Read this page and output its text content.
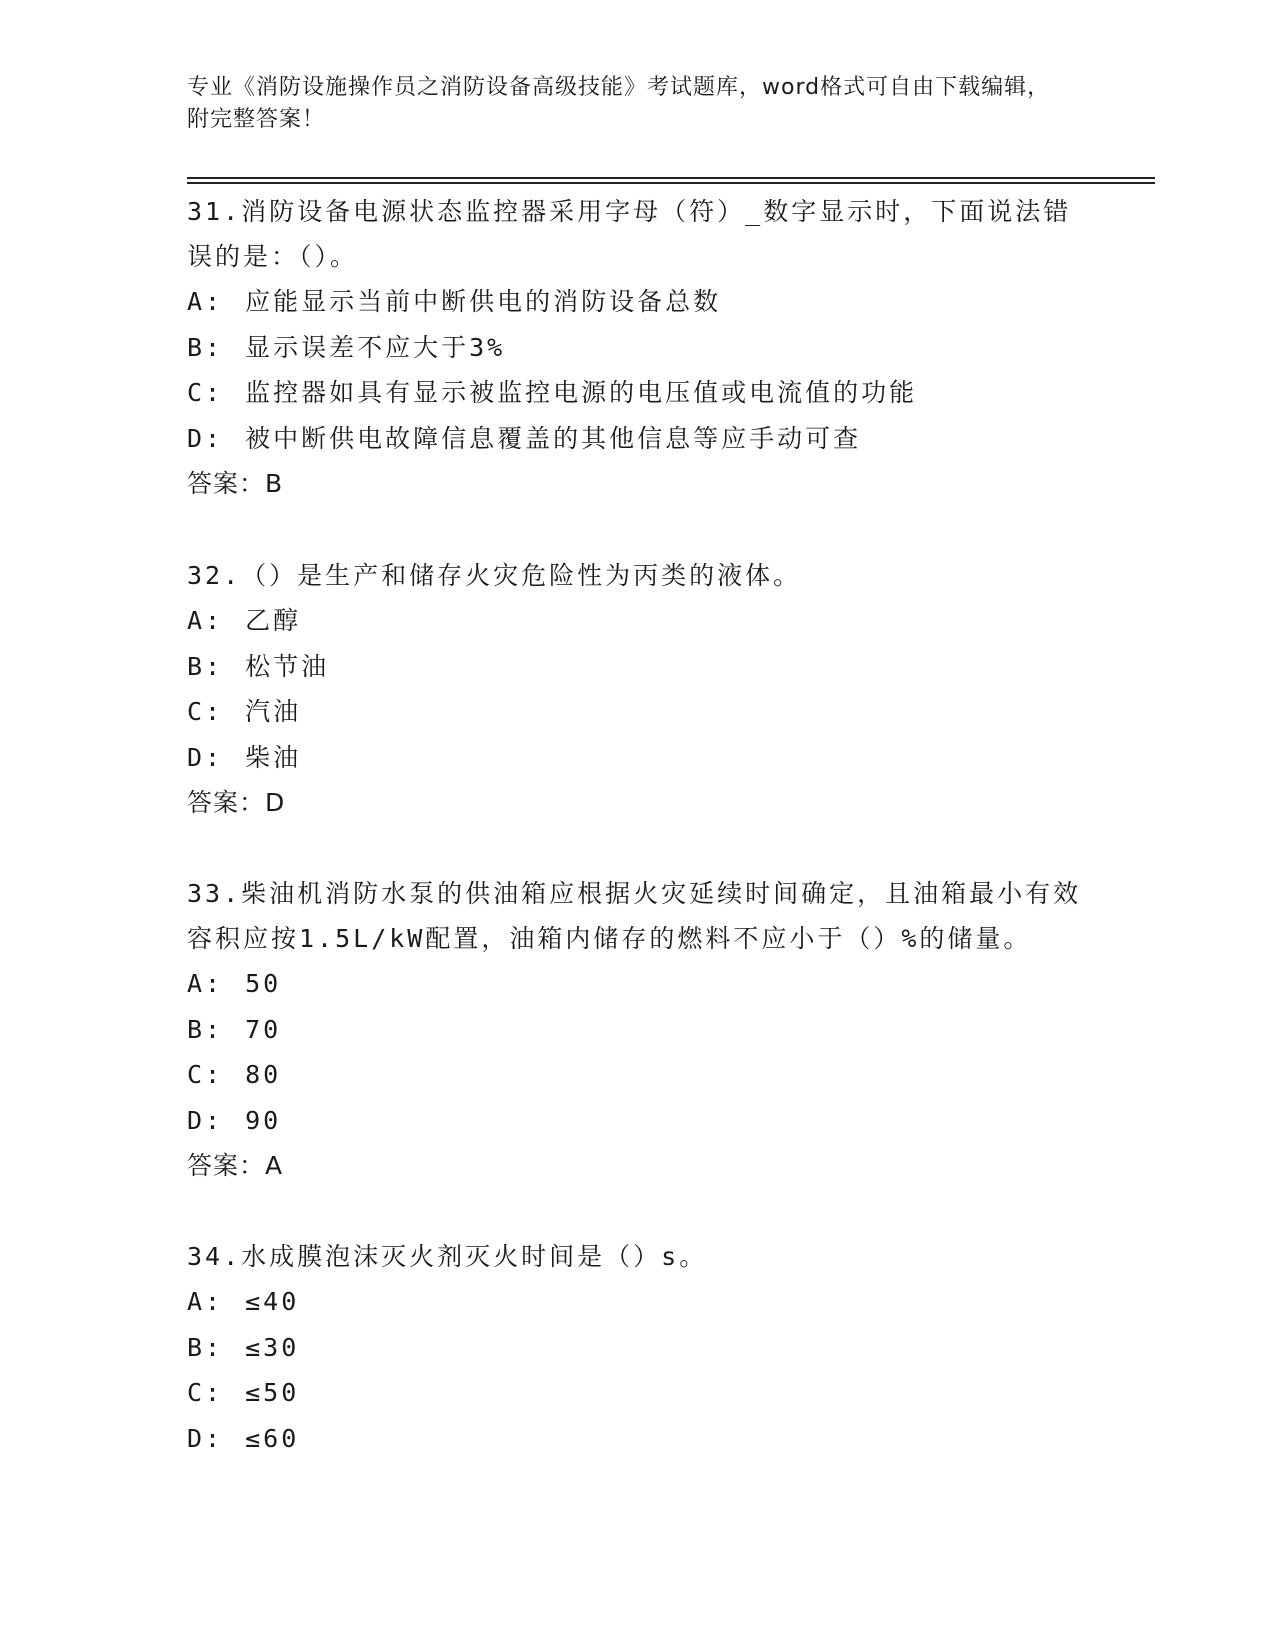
专业《消防设施操作员之消防设备高级技能》考试题库，word格式可自由下载编辑，附完整答案！

31.消防设备电源状态监控器采用字母（符）_数字显示时，下面说法错误的是：（）。

A: 应能显示当前中断供电的消防设备总数

B: 显示误差不应大于3%

C: 监控器如具有显示被监控电源的电压值或电流值的功能

D: 被中断供电故障信息覆盖的其他信息等应手动可查

答案：B

32.（）是生产和储存火灾危险性为丙类的液体。

A: 乙醇

B: 松节油

C: 汽油

D: 柴油

答案：D

33.柴油机消防水泵的供油箱应根据火灾延续时间确定，且油箱最小有效容积应按1.5L/kW配置，油箱内储存的燃料不应小于（）%的储量。

A: 50

B: 70

C: 80

D: 90

答案：A

34.水成膜泡沫灭火剂灭火时间是（）s。

A: ≤40

B: ≤30

C: ≤50

D: ≤60
